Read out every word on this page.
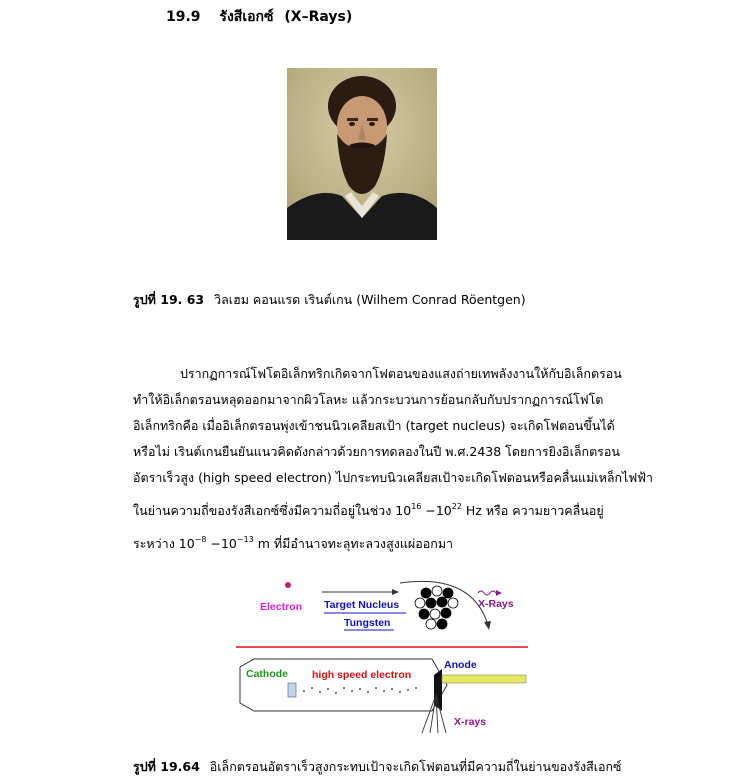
19.9 รังสีเอกซ์ (X–Rays)
รูปที่ 19. 63 วิลเฮม คอนแรด เรินต์เกน (Wilhem Conrad Röentgen)
ปรากฏการณ์โฟโตอิเล็กทริกเกิดจากโฟตอนของแสงถ่ายเทพลังงานให้กับอิเล็กตรอน
ทำให้อิเล็กตรอนหลุดออกมาจากผิวโลหะ แล้วกระบวนการย้อนกลับกับปรากฏการณ์โฟโต
อิเล็กทริกคือ เมื่ออิเล็กตรอนพุ่งเข้าชนนิวเคลียสเป้า (target nucleus) จะเกิดโฟตอนขึ้นได้
หรือไม่ เรินต์เกนยืนยันแนวคิดดังกล่าวด้วยการทดลองในปี พ.ศ.2438 โดยการยิงอิเล็กตรอน
อัตราเร็วสูง (high speed electron) ไปกระทบนิวเคลียสเป้าจะเกิดโฟตอนหรือคลื่นแม่เหล็กไฟฟ้า
ในย่านความถี่ของรังสีเอกซ์ซึ่งมีความถี่อยู่ในช่วง $10^{16} -10^{22}$ Hz หรือ ความยาวคลื่นอยู่
ระหว่าง $10^{-8} -10^{-13}$ m ที่มีอำนาจทะลุทะลวงสูงแผ่ออกมา
Electron Target Nucleus
Tungsten
X-Rays
Cathode high speed electron
Anode
X-rays
รูปที่ 19.64 อิเล็กตรอนอัตราเร็วสูงกระทบเป้าจะเกิดโฟตอนที่มีความถี่ในย่านของรังสีเอกซ์
